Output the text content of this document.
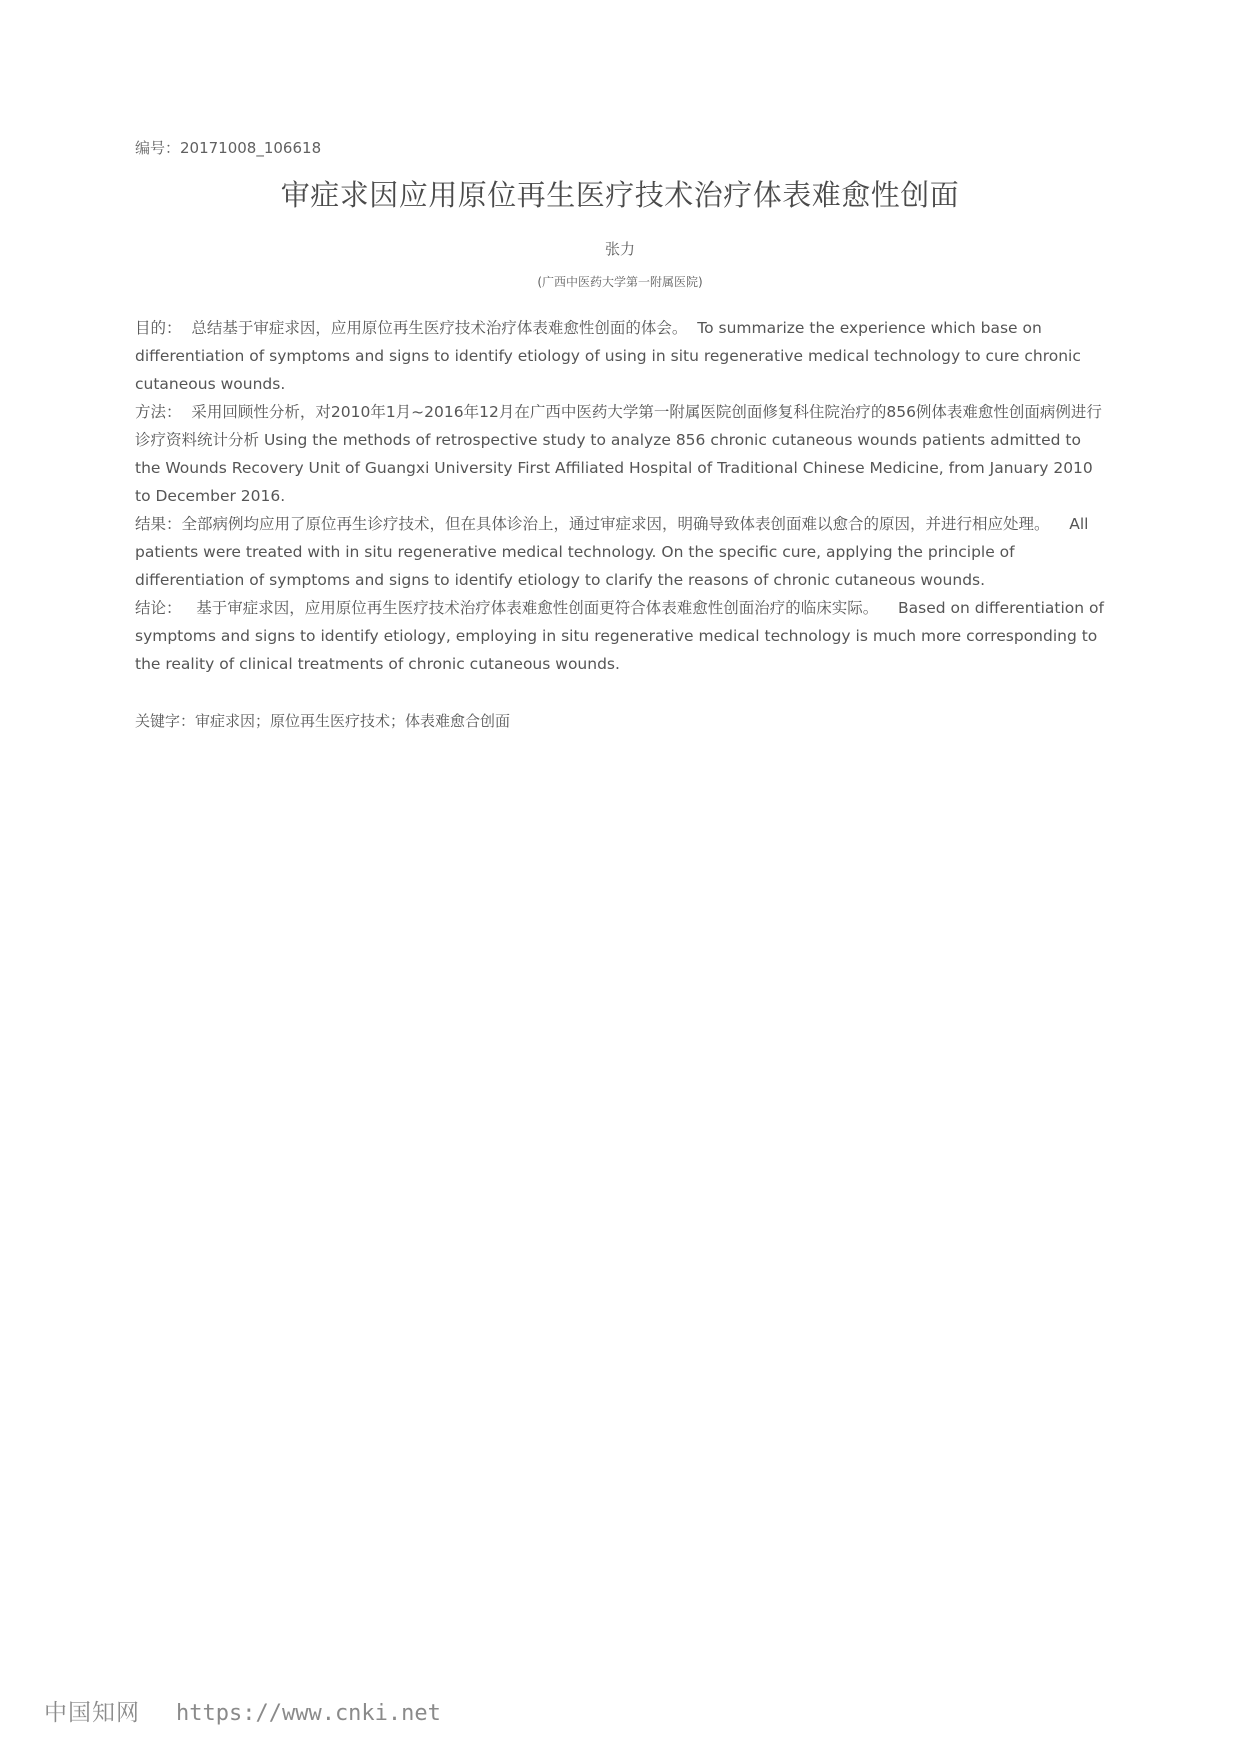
编号：20171008_106618
审症求因应用原位再生医疗技术治疗体表难愈性创面
张力
(广西中医药大学第一附属医院)

目的： 总结基于审症求因，应用原位再生医疗技术治疗体表难愈性创面的体会。 To summarize the experience which base on differentiation of symptoms and signs to identify etiology of using in situ regenerative medical technology to cure chronic cutaneous wounds.

方法： 采用回顾性分析，对2010年1月~2016年12月在广西中医药大学第一附属医院创面修复科住院治疗的856例体表难愈性创面病例进行诊疗资料统计分析 Using the methods of retrospective study to analyze 856 chronic cutaneous wounds patients admitted to the Wounds Recovery Unit of Guangxi University First Affiliated Hospital of Traditional Chinese Medicine, from January 2010 to December 2016.

结果：全部病例均应用了原位再生诊疗技术，但在具体诊治上，通过审症求因，明确导致体表创面难以愈合的原因，并进行相应处理。 All patients were treated with in situ regenerative medical technology. On the specific cure, applying the principle of differentiation of symptoms and signs to identify etiology to clarify the reasons of chronic cutaneous wounds.

结论： 基于审症求因，应用原位再生医疗技术治疗体表难愈性创面更符合体表难愈性创面治疗的临床实际。 Based on differentiation of symptoms and signs to identify etiology, employing in situ regenerative medical technology is much more corresponding to the reality of clinical treatments of chronic cutaneous wounds.

关键字：审症求因；原位再生医疗技术；体表难愈合创面
中国知网 https://www.cnki.net
